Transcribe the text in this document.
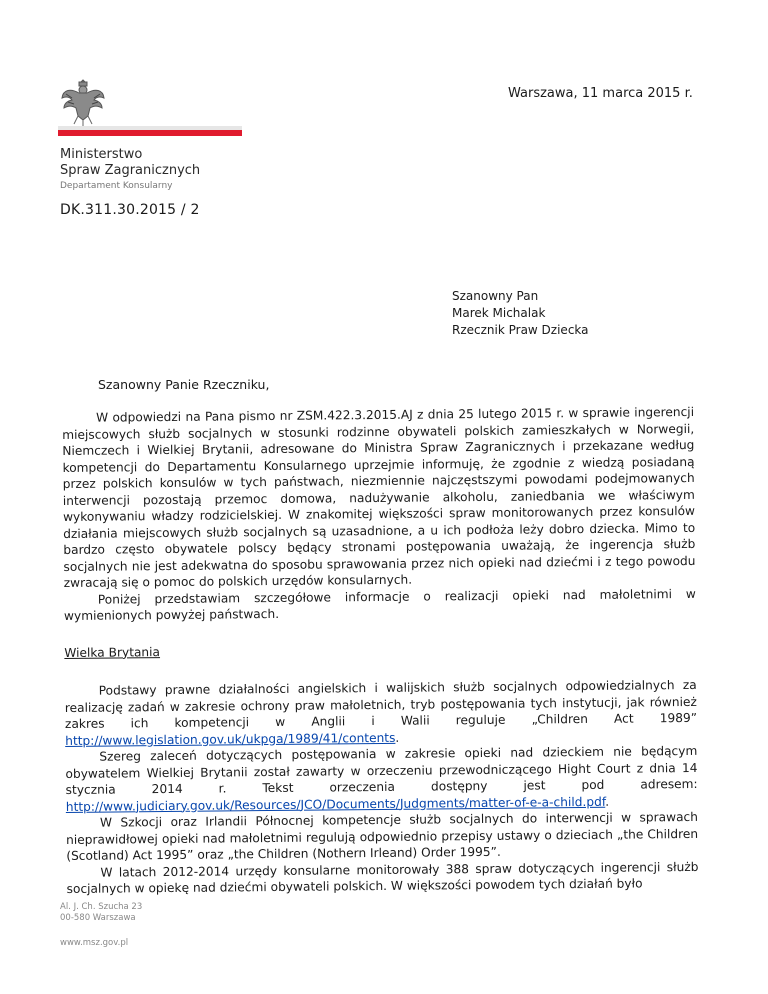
Ministerstwo
Spraw Zagranicznych
Departament Konsularny
DK.311.30.2015 / 2
Warszawa, 11 marca 2015 r.
Szanowny Pan
Marek Michalak
Rzecznik Praw Dziecka
Szanowny Panie Rzeczniku,

W odpowiedzi na Pana pismo nr ZSM.422.3.2015.AJ z dnia 25 lutego 2015 r. w sprawie ingerencji miejscowych służb socjalnych w stosunki rodzinne obywateli polskich zamieszkałych w Norwegii, Niemczech i Wielkiej Brytanii, adresowane do Ministra Spraw Zagranicznych i przekazane według kompetencji do Departamentu Konsularnego uprzejmie informuję, że zgodnie z wiedzą posiadaną przez polskich konsulów w tych państwach, niezmiennie najczęstszymi powodami podejmowanych interwencji pozostają przemoc domowa, nadużywanie alkoholu, zaniedbania we właściwym wykonywaniu władzy rodzicielskiej. W znakomitej większości spraw monitorowanych przez konsulów działania miejscowych służb socjalnych są uzasadnione, a u ich podłoża leży dobro dziecka. Mimo to bardzo często obywatele polscy będący stronami postępowania uważają, że ingerencja służb socjalnych nie jest adekwatna do sposobu sprawowania przez nich opieki nad dziećmi i z tego powodu zwracają się o pomoc do polskich urzędów konsularnych.

Poniżej przedstawiam szczegółowe informacje o realizacji opieki nad małoletnimi w wymienionych powyżej państwach.

Wielka Brytania

Podstawy prawne działalności angielskich i walijskich służb socjalnych odpowiedzialnych za realizację zadań w zakresie ochrony praw małoletnich, tryb postępowania tych instytucji, jak również zakres ich kompetencji w Anglii i Walii reguluje „Children Act 1989” http://www.legislation.gov.uk/ukpga/1989/41/contents.

Szereg zaleceń dotyczących postępowania w zakresie opieki nad dzieckiem nie będącym obywatelem Wielkiej Brytanii został zawarty w orzeczeniu przewodniczącego Hight Court z dnia 14 stycznia 2014 r. Tekst orzeczenia dostępny jest pod adresem: http://www.judiciary.gov.uk/Resources/JCO/Documents/Judgments/matter-of-e-a-child.pdf.

W Szkocji oraz Irlandii Północnej kompetencje służb socjalnych do interwencji w sprawach nieprawidłowej opieki nad małoletnimi regulują odpowiednio przepisy ustawy o dzieciach „the Children (Scotland) Act 1995” oraz „the Children (Nothern Irleand) Order 1995”.

W latach 2012-2014 urzędy konsularne monitorowały 388 spraw dotyczących ingerencji służb socjalnych w opiekę nad dziećmi obywateli polskich. W większości powodem tych działań było

Al. J. Ch. Szucha 23
00-580 Warszawa
www.msz.gov.pl
